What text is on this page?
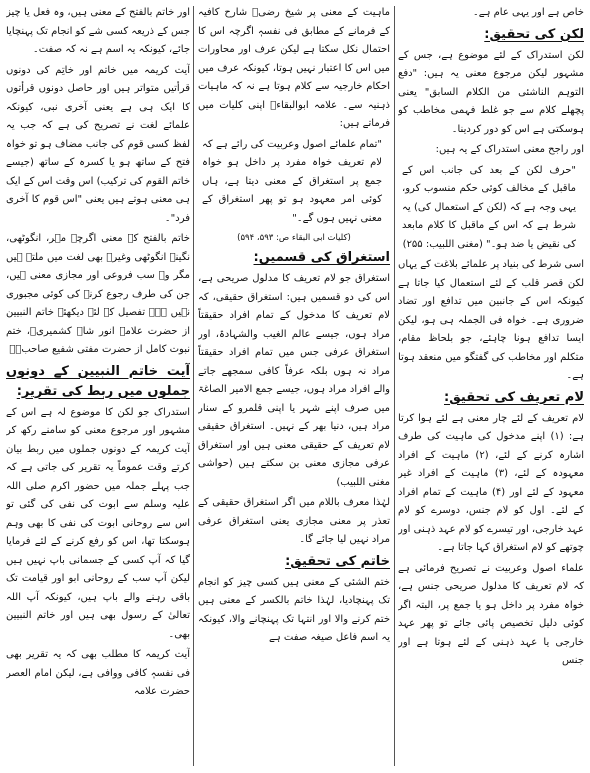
خاص ہے اور یہی عام ہے۔

لکن کی تحقیق:

لکن استدراک کے لئے موضوع ہے، جس کے مشہور لیکن مرجوع معنی یہ ہیں: "دفع التوہم الناشئی من الکلام السابق" یعنی پچھلے کلام سے جو غلط فہمی مخاطب کو ہوسکتی ہے اس کو دور کردینا۔

اور راجح معنی استدراک کے یہ ہیں:

"حرف لکن کے بعد کی جانب اس کے ماقبل کے مخالف کوئی حکم منسوب کرو، یہی وجہ ہے کہ (لکن کے استعمال کی) یہ شرط ہے کہ اس کے ماقبل کا کلام مابعد کی نقیض یا ضد ہو۔" (مغنی اللبیب: ۲۵۵)

اسی شرط کی بنیاد پر علمائے بلاغت کے یہاں لکن قصر قلب کے لئے استعمال کیا جاتا ہے کیونکہ اس کے جانبین میں تدافع اور تضاد ضروری ہے۔ خواہ فی الجملہ ہی ہو، لیکن ایسا تدافع ہونا چاہئے، جو بلحاظ مقام، متکلم اور مخاطب کی گفتگو میں منعقد ہوتا ہے۔

لام تعریف کی تحقیق:

لام تعریف کے لئے چار معنی ہے لئے ہوا کرتا ہے: (۱) اپنے مدخول کی ماہیت کی طرف اشارہ کرنے کے لئے، (۲) ماہیت کے افراد معہودہ کے لئے، (۳) ماہیت کے افراد غیر معہود کے لئے اور (۴) ماہیت کے تمام افراد کے لئے۔ اول کو لام جنس، دوسرے کو لام عہد خارجی، اور تیسرے کو لام عہد ذہنی اور چوتھے کو لام استغراق کہا جاتا ہے۔

علماء اصول وعربیت نے تصریح فرمائی ہے کہ لام تعریف کا مدلول صریحی جنس ہے، خواہ مفرد پر داخل ہو یا جمع پر، البتہ اگر کوئی دلیل تخصیص پائی جائے تو پھر عہد خارجی یا عہد ذہنی کے لئے ہوتا ہے اور جنس

ماہیت کے معنی پر شیخ رضیؒ شارح کافیہ کے فرمانے کے مطابق فی نفسہٖ اگرچہ اس کا احتمال نکل سکتا ہے لیکن عرف اور محاورات میں اس کا اعتبار نہیں ہوتا، کیونکہ عرف میں احکام خارجیہ سے کلام ہوتا ہے نہ کہ ماہیات ذہنیہ سے۔ علامہ ابوالبقاءؒ اپنی کلیات میں فرماتے ہیں:

"تمام علمائے اصول وعربیت کی رائے ہے کہ لام تعریف خواہ مفرد پر داخل ہو خواہ جمع پر استغراق کے معنی دیتا ہے، ہاں کوئی امر معہود ہو تو پھر استغراق کے معنی نہیں ہوں گے۔"

(کلیات ابی البقاء ص: ۵۹۳، ۵۹۴)

استغراق کی قسمیں:

استغراق جو لام تعریف کا مدلول صریحی ہے، اس کی دو قسمیں ہیں: استغراق حقیقی، کہ لام تعریف کا مدخول کے تمام افراد حقیقتاً مراد ہوں، جیسے عالم الغیب والشہادۃ، اور استغراق عرفی جس میں تمام افراد حقیقتاً مراد نہ ہوں بلکہ عرفاً کافی سمجھے جاتے والے افراد مراد ہوں، جیسے جمع الامیر الصاغۃ میں صرف اپنے شہر یا اپنی قلمرو کے سنار مراد ہیں، دنیا بھر کے نہیں۔ استغراق حقیقی لام تعریف کے حقیقی معنی ہیں اور استغراق عرفی مجازی معنی بن سکتے ہیں (حواشی مغنی اللبیب)

لہٰذا معرف باللام میں اگر استغراق حقیقی کے تعذر پر معنی مجازی یعنی استغراق عرفی مراد نہیں لیا جائے گا۔

خاتم کی تحقیق:

ختم الشئی کے معنی ہیں کسی چیز کو انجام تک پہنچادیا، لہٰذا خاتم بالکسر کے معنی ہیں ختم کرنے والا اور انتہا تک پہنچانے والا، کیونکہ یہ اسم فاعل صیغہ صفت ہے

اور خاتم بالفتح کے معنی ہیں، وہ فعل یا چیز جس کے ذریعہ کسی شے کو انجام تک پہنچایا جائے، کیونکہ یہ اسم ہے نہ کہ صفت۔

آیت کریمہ میں خاتم اور خاتِم کی دونوں قرأتیں متواتر ہیں اور حاصل دونوں قرأتوں کا ایک ہی ہے یعنی آخری نبی، کیونکہ علمائے لغت نے تصریح کی ہے کہ جب یہ لفظ کسی قوم کی جانب مضاف ہو تو خواہ فتح کے ساتھ ہو یا کسرہ کے ساتھ (جیسے خاتم القوم کی ترکیب) اس وقت اس کے ایک ہی معنی ہوتے ہیں یعنی "اس قوم کا آخری فرد"۔

خاتم بالفتح کے معنی اگرچہ مہر، انگوٹھی، نگینہ انگوٹھی وغیرہ بھی لغت میں ملتے ہیں مگر وہ سب فروعی اور مجازی معنی ہیں، جن کی طرف رجوع کرنے کی کوئی مجبوری نہیں ہے۔ تفصیل کے لئے دیکھئے خاتم النبیین از حضرت علامہ انور شاہ کشمیریؒ، ختم نبوت کامل از حضرت مفتی شفیع صاحبؒ۔

آیت خاتم النبیین کے دونوں جملوں میں ربط کی تقریر:

استدراک جو لکن کا موضوع لہ ہے اس کے مشہور اور مرجوع معنی کو سامنے رکھ کر آیت کریمہ کے دونوں جملوں میں ربط بیان کرتے وقت عموماً یہ تقریر کی جاتی ہے کہ جب پہلے جملہ میں حضور اکرم صلی اللہ علیہ وسلم سے ابوت کی نفی کی گئی تو اس سے روحانی ابوت کی نفی کا بھی وہم ہوسکتا تھا، اس کو رفع کرنے کے لئے فرمایا گیا کہ آپ کسی کے جسمانی باپ نہیں ہیں لیکن آپ سب کے روحانی ابو اور قیامت تک باقی رہنے والے باپ ہیں، کیونکہ آپ اللہ تعالیٰ کے رسول بھی ہیں اور خاتم النبیین بھی۔

آیت کریمہ کا مطلب بھی کہ یہ تقریر بھی فی نفسہٖ کافی ووافی ہے، لیکن امام العصر حضرت علامہ
